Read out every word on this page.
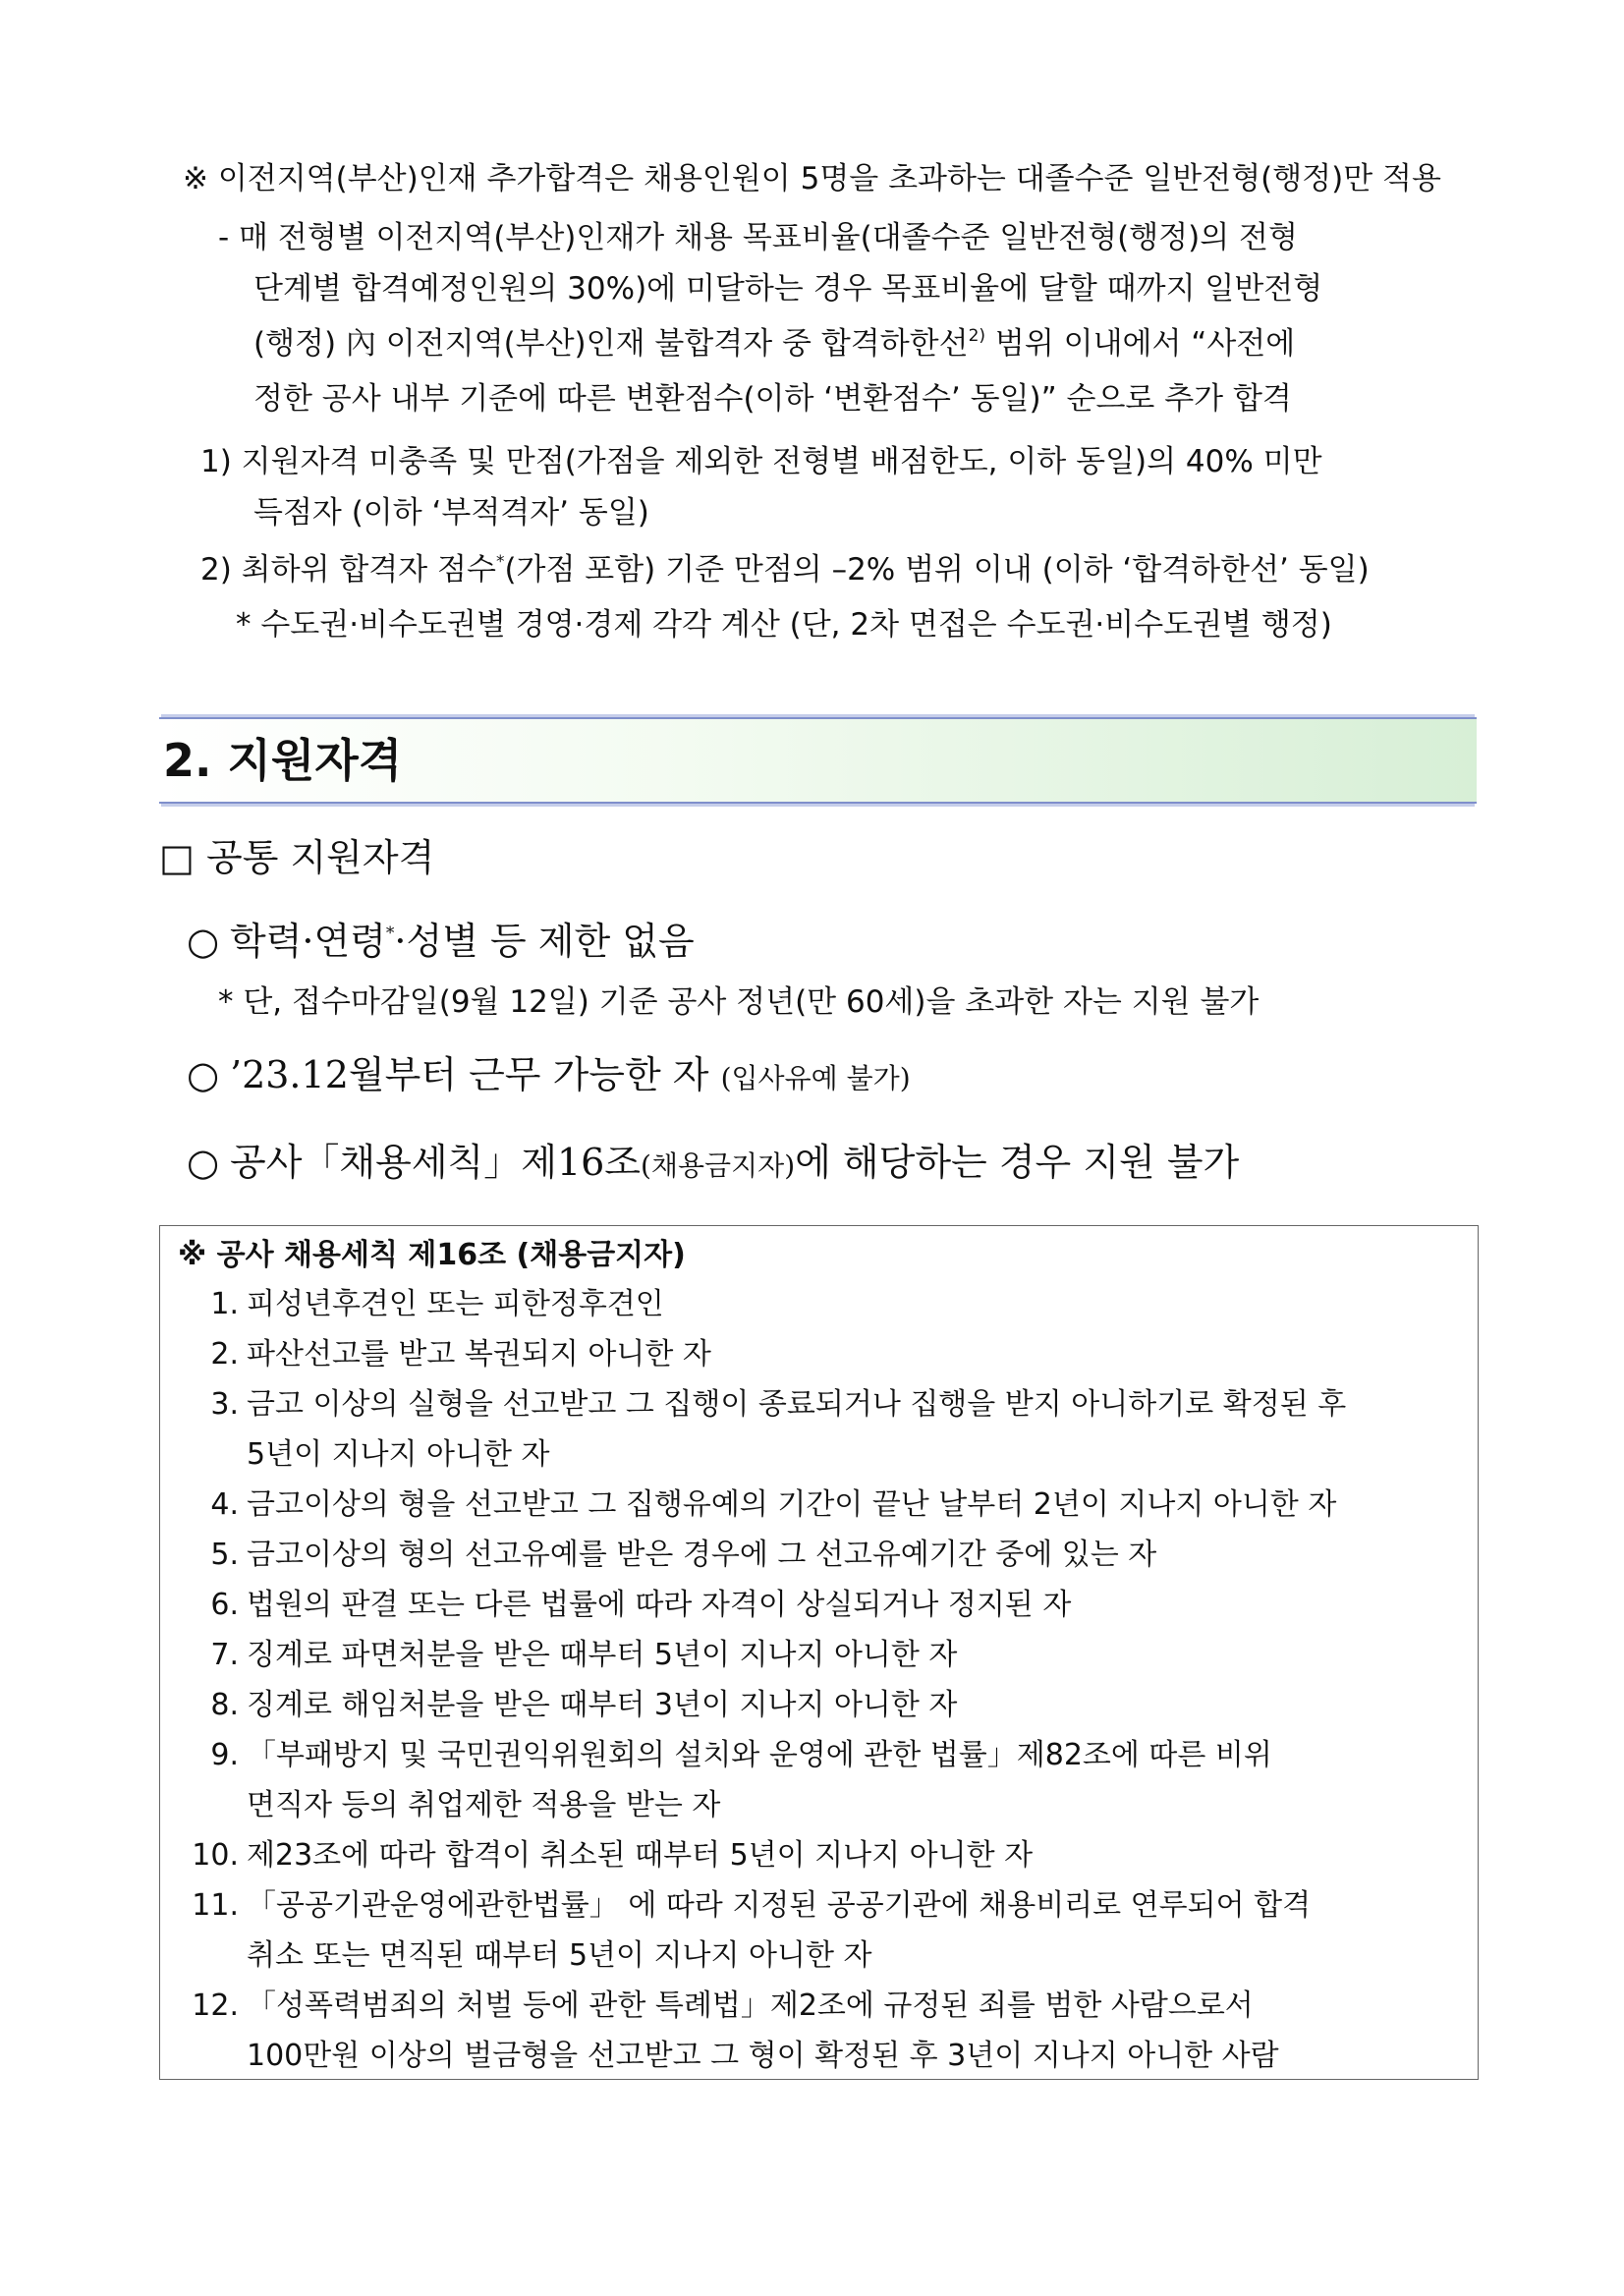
※ 이전지역(부산)인재 추가합격은 채용인원이 5명을 초과하는 대졸수준 일반전형(행정)만 적용
- 매 전형별 이전지역(부산)인재가 채용 목표비율(대졸수준 일반전형(행정)의 전형
단계별 합격예정인원의 30%)에 미달하는 경우 목표비율에 달할 때까지 일반전형
(행정) 內 이전지역(부산)인재 불합격자 중 합격하한선$^{2)}$ 범위 이내에서 “사전에
정한 공사 내부 기준에 따른 변환점수(이하 ‘변환점수’ 동일)” 순으로 추가 합격
1) 지원자격 미충족 및 만점(가점을 제외한 전형별 배점한도, 이하 동일)의 40% 미만
득점자 (이하 ‘부적격자’ 동일)
2) 최하위 합격자 점수*(가점 포함) 기준 만점의 –2% 범위 이내 (이하 ‘합격하한선’ 동일)
* 수도권·비수도권별 경영·경제 각각 계산 (단, 2차 면접은 수도권·비수도권별 행정)
2. 지원자격
□ 공통 지원자격
○ 학력·연령*·성별 등 제한 없음
* 단, 접수마감일(9월 12일) 기준 공사 정년(만 60세)을 초과한 자는 지원 불가
○ ’23.12월부터 근무 가능한 자 (입사유예 불가)
○ 공사「채용세칙」제16조(채용금지자)에 해당하는 경우 지원 불가
※ 공사 채용세칙 제16조 (채용금지자)
1. 피성년후견인 또는 피한정후견인
2. 파산선고를 받고 복권되지 아니한 자
3. 금고 이상의 실형을 선고받고 그 집행이 종료되거나 집행을 받지 아니하기로 확정된 후
5년이 지나지 아니한 자
4. 금고이상의 형을 선고받고 그 집행유예의 기간이 끝난 날부터 2년이 지나지 아니한 자
5. 금고이상의 형의 선고유예를 받은 경우에 그 선고유예기간 중에 있는 자
6. 법원의 판결 또는 다른 법률에 따라 자격이 상실되거나 정지된 자
7. 징계로 파면처분을 받은 때부터 5년이 지나지 아니한 자
8. 징계로 해임처분을 받은 때부터 3년이 지나지 아니한 자
9. 「부패방지 및 국민권익위원회의 설치와 운영에 관한 법률」제82조에 따른 비위
면직자 등의 취업제한 적용을 받는 자
10. 제23조에 따라 합격이 취소된 때부터 5년이 지나지 아니한 자
11. 「공공기관운영에관한법률」 에 따라 지정된 공공기관에 채용비리로 연루되어 합격
취소 또는 면직된 때부터 5년이 지나지 아니한 자
12. 「성폭력범죄의 처벌 등에 관한 특례법」제2조에 규정된 죄를 범한 사람으로서
100만원 이상의 벌금형을 선고받고 그 형이 확정된 후 3년이 지나지 아니한 사람
